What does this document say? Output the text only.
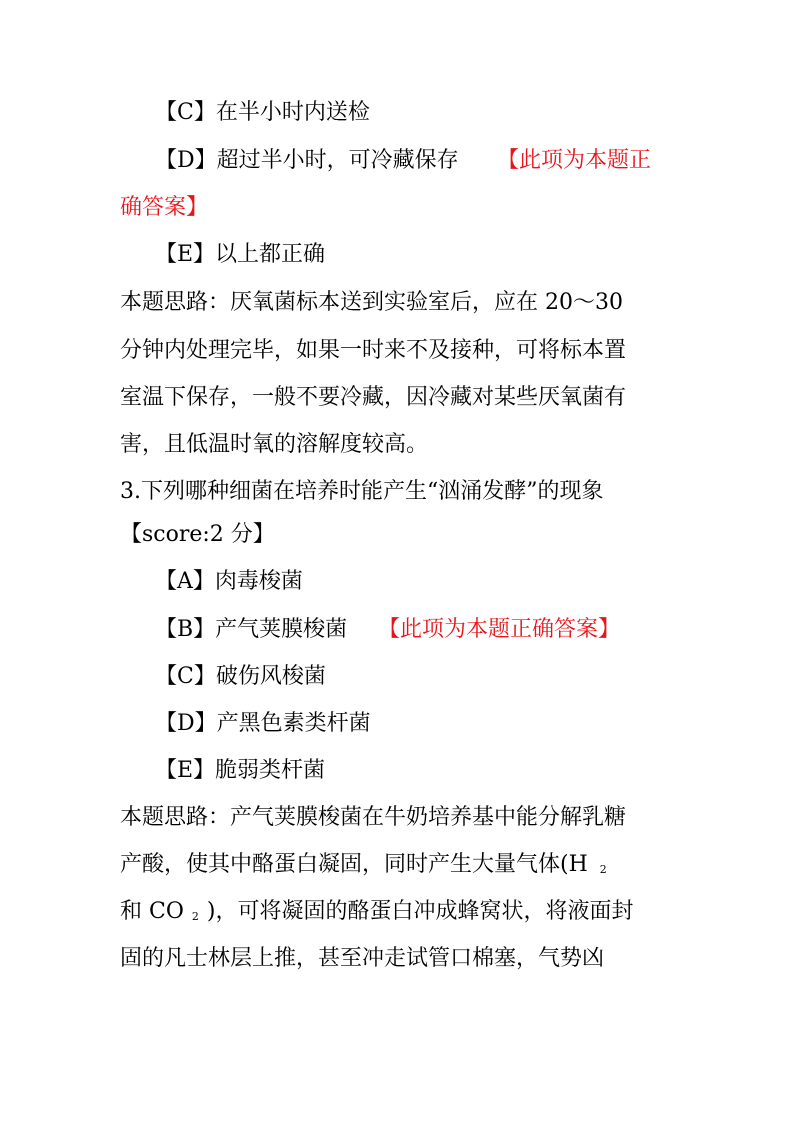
【C】在半小时内送检
【D】超过半小时，可冷藏保存 【此项为本题正
确答案】
【E】以上都正确
本题思路：厌氧菌标本送到实验室后，应在 20～30
分钟内处理完毕，如果一时来不及接种，可将标本置
室温下保存，一般不要冷藏，因冷藏对某些厌氧菌有
害，且低温时氧的溶解度较高。
3.下列哪种细菌在培养时能产生“汹涌发酵”的现象
【score:2 分】
【A】肉毒梭菌
【B】产气荚膜梭菌 【此项为本题正确答案】
【C】破伤风梭菌
【D】产黑色素类杆菌
【E】脆弱类杆菌
本题思路：产气荚膜梭菌在牛奶培养基中能分解乳糖
产酸，使其中酪蛋白凝固，同时产生大量气体(H $_2$
和 CO $_2$ )，可将凝固的酪蛋白冲成蜂窝状，将液面封
固的凡士林层上推，甚至冲走试管口棉塞，气势凶
